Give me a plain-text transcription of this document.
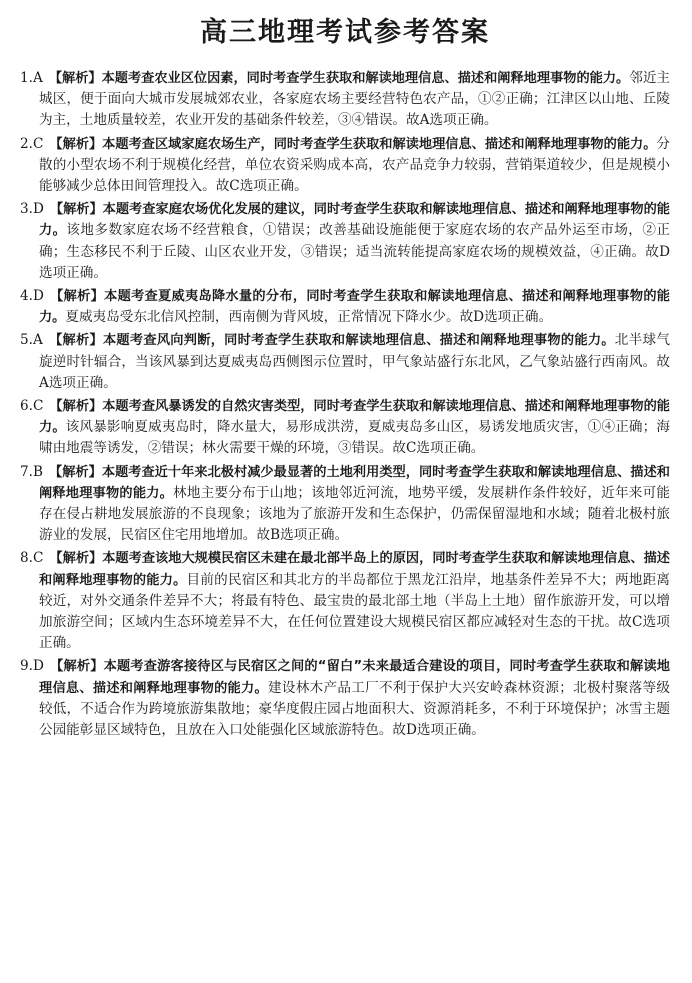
高三地理考试参考答案
1.A 【解析】本题考查农业区位因素，同时考查学生获取和解读地理信息、描述和阐释地理事物的能力。邻近主城区，便于面向大城市发展城郊农业，各家庭农场主要经营特色农产品，①②正确；江津区以山地、丘陵为主，土地质量较差，农业开发的基础条件较差，③④错误。故A选项正确。
2.C 【解析】本题考查区域家庭农场生产，同时考查学生获取和解读地理信息、描述和阐释地理事物的能力。分散的小型农场不利于规模化经营，单位农资采购成本高，农产品竞争力较弱，营销渠道较少，但是规模小能够减少总体田间管理投入。故C选项正确。
3.D 【解析】本题考查家庭农场优化发展的建议，同时考查学生获取和解读地理信息、描述和阐释地理事物的能力。该地多数家庭农场不经营粮食，①错误；改善基础设施能便于家庭农场的农产品外运至市场，②正确；生态移民不利于丘陵、山区农业开发，③错误；适当流转能提高家庭农场的规模效益，④正确。故D选项正确。
4.D 【解析】本题考查夏威夷岛降水量的分布，同时考查学生获取和解读地理信息、描述和阐释地理事物的能力。夏威夷岛受东北信风控制，西南侧为背风坡，正常情况下降水少。故D选项正确。
5.A 【解析】本题考查风向判断，同时考查学生获取和解读地理信息、描述和阐释地理事物的能力。北半球气旋逆时针辐合，当该风暴到达夏威夷岛西侧图示位置时，甲气象站盛行东北风，乙气象站盛行西南风。故A选项正确。
6.C 【解析】本题考查风暴诱发的自然灾害类型，同时考查学生获取和解读地理信息、描述和阐释地理事物的能力。该风暴影响夏威夷岛时，降水量大，易形成洪涝，夏威夷岛多山区，易诱发地质灾害，①④正确；海啸由地震等诱发，②错误；林火需要干燥的环境，③错误。故C选项正确。
7.B 【解析】本题考查近十年来北极村减少最显著的土地利用类型，同时考查学生获取和解读地理信息、描述和阐释地理事物的能力。林地主要分布于山地；该地邻近河流，地势平缓，发展耕作条件较好，近年来可能存在侵占耕地发展旅游的不良现象；该地为了旅游开发和生态保护，仍需保留湿地和水域；随着北极村旅游业的发展，民宿区住宅用地增加。故B选项正确。
8.C 【解析】本题考查该地大规模民宿区未建在最北部半岛上的原因，同时考查学生获取和解读地理信息、描述和阐释地理事物的能力。目前的民宿区和其北方的半岛都位于黑龙江沿岸，地基条件差异不大；两地距离较近，对外交通条件差异不大；将最有特色、最宝贵的最北部土地（半岛上土地）留作旅游开发，可以增加旅游空间；区域内生态环境差异不大，在任何位置建设大规模民宿区都应减轻对生态的干扰。故C选项正确。
9.D 【解析】本题考查游客接待区与民宿区之间的“留白”未来最适合建设的项目，同时考查学生获取和解读地理信息、描述和阐释地理事物的能力。建设林木产品工厂不利于保护大兴安岭森林资源；北极村聚落等级较低，不适合作为跨境旅游集散地；豪华度假庄园占地面积大、资源消耗多，不利于环境保护；冰雪主题公园能彰显区域特色，且放在入口处能强化区域旅游特色。故D选项正确。
